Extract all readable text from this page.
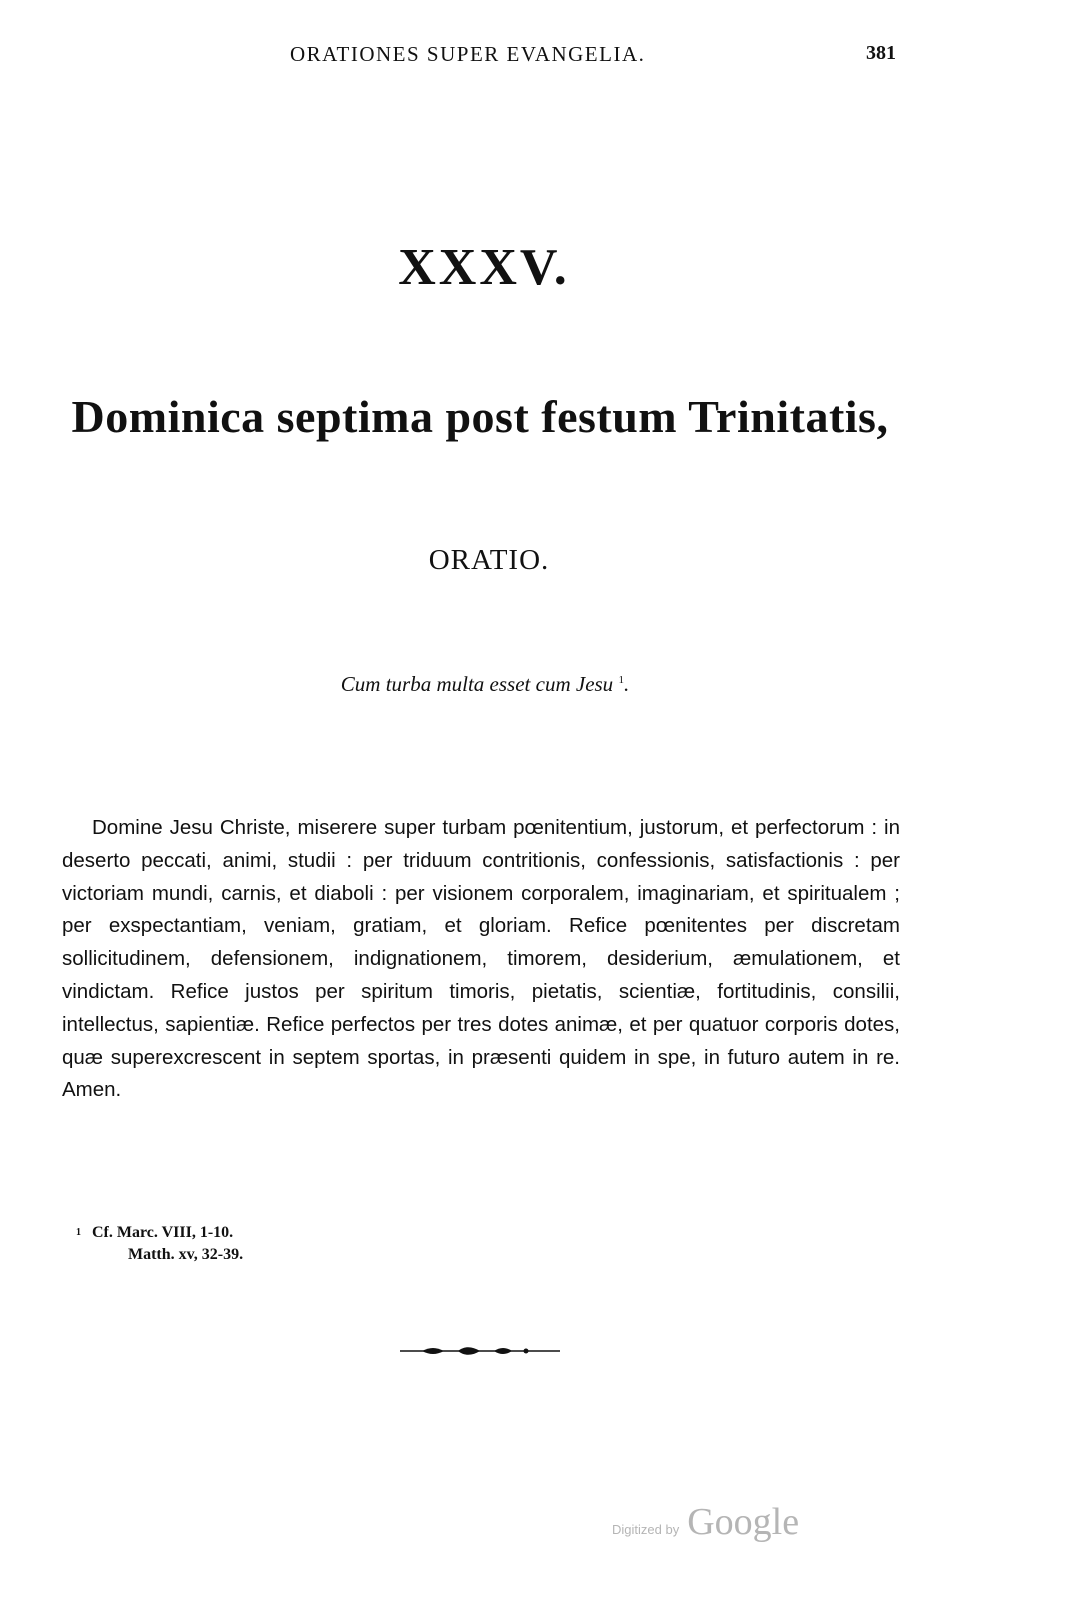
ORATIONES SUPER EVANGELIA.	381
XXXV.
Dominica septima post festum Trinitatis,
ORATIO.
Cum turba multa esset cum Jesu $^1$.

Domine Jesu Christe, miserere super turbam pœnitentium, justorum, et perfectorum : in deserto peccati, animi, studii : per triduum contritionis, confessionis, satisfactionis : per victoriam mundi, carnis, et diaboli : per visionem corporalem, imaginariam, et spiritualem ; per exspectantiam, veniam, gratiam, et gloriam. Refice pœnitentes per discretam sollicitudinem, defensionem, indignationem, timorem, desiderium, æmulationem, et vindictam. Refice justos per spiritum timoris, pietatis, scientiæ, fortitudinis, consilii, intellectus, sapientiæ. Refice perfectos per tres dotes animæ, et per quatuor corporis dotes, quæ superexcrescent in septem sportas, in præsenti quidem in spe, in futuro autem in re. Amen.

1 Cf. Marc. VIII, 1-10.
Matth. xv, 32-39.
Digitized by Google
